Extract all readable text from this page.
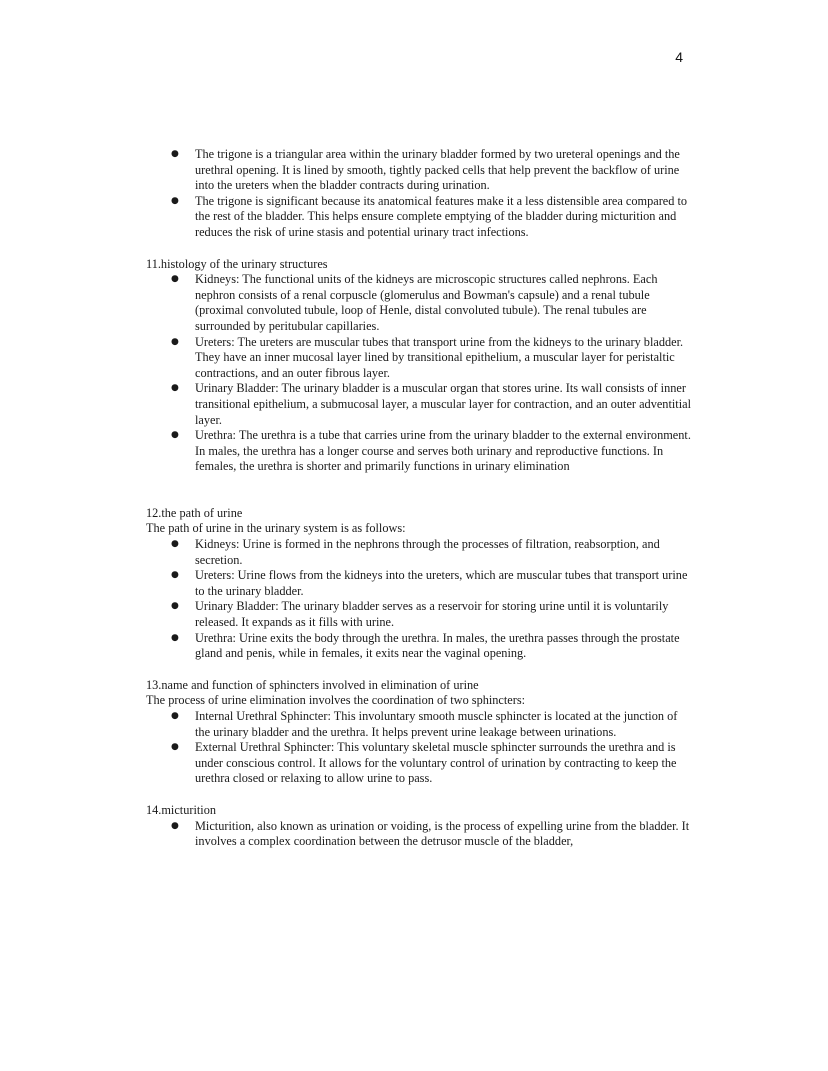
4
● The trigone is a triangular area within the urinary bladder formed by two ureteral openings and the urethral opening. It is lined by smooth, tightly packed cells that help prevent the backflow of urine into the ureters when the bladder contracts during urination.
● The trigone is significant because its anatomical features make it a less distensible area compared to the rest of the bladder. This helps ensure complete emptying of the bladder during micturition and reduces the risk of urine stasis and potential urinary tract infections.

11.histology of the urinary structures

● Kidneys: The functional units of the kidneys are microscopic structures called nephrons. Each nephron consists of a renal corpuscle (glomerulus and Bowman's capsule) and a renal tubule (proximal convoluted tubule, loop of Henle, distal convoluted tubule). The renal tubules are surrounded by peritubular capillaries.
● Ureters: The ureters are muscular tubes that transport urine from the kidneys to the urinary bladder. They have an inner mucosal layer lined by transitional epithelium, a muscular layer for peristaltic contractions, and an outer fibrous layer.
● Urinary Bladder: The urinary bladder is a muscular organ that stores urine. Its wall consists of inner transitional epithelium, a submucosal layer, a muscular layer for contraction, and an outer adventitial layer.
● Urethra: The urethra is a tube that carries urine from the urinary bladder to the external environment. In males, the urethra has a longer course and serves both urinary and reproductive functions. In females, the urethra is shorter and primarily functions in urinary elimination

12.the path of urine

The path of urine in the urinary system is as follows:

● Kidneys: Urine is formed in the nephrons through the processes of filtration, reabsorption, and secretion.
● Ureters: Urine flows from the kidneys into the ureters, which are muscular tubes that transport urine to the urinary bladder.
● Urinary Bladder: The urinary bladder serves as a reservoir for storing urine until it is voluntarily released. It expands as it fills with urine.
● Urethra: Urine exits the body through the urethra. In males, the urethra passes through the prostate gland and penis, while in females, it exits near the vaginal opening.

13.name and function of sphincters involved in elimination of urine

The process of urine elimination involves the coordination of two sphincters:

● Internal Urethral Sphincter: This involuntary smooth muscle sphincter is located at the junction of the urinary bladder and the urethra. It helps prevent urine leakage between urinations.
● External Urethral Sphincter: This voluntary skeletal muscle sphincter surrounds the urethra and is under conscious control. It allows for the voluntary control of urination by contracting to keep the urethra closed or relaxing to allow urine to pass.

14.micturition

● Micturition, also known as urination or voiding, is the process of expelling urine from the bladder. It involves a complex coordination between the detrusor muscle of the bladder,
